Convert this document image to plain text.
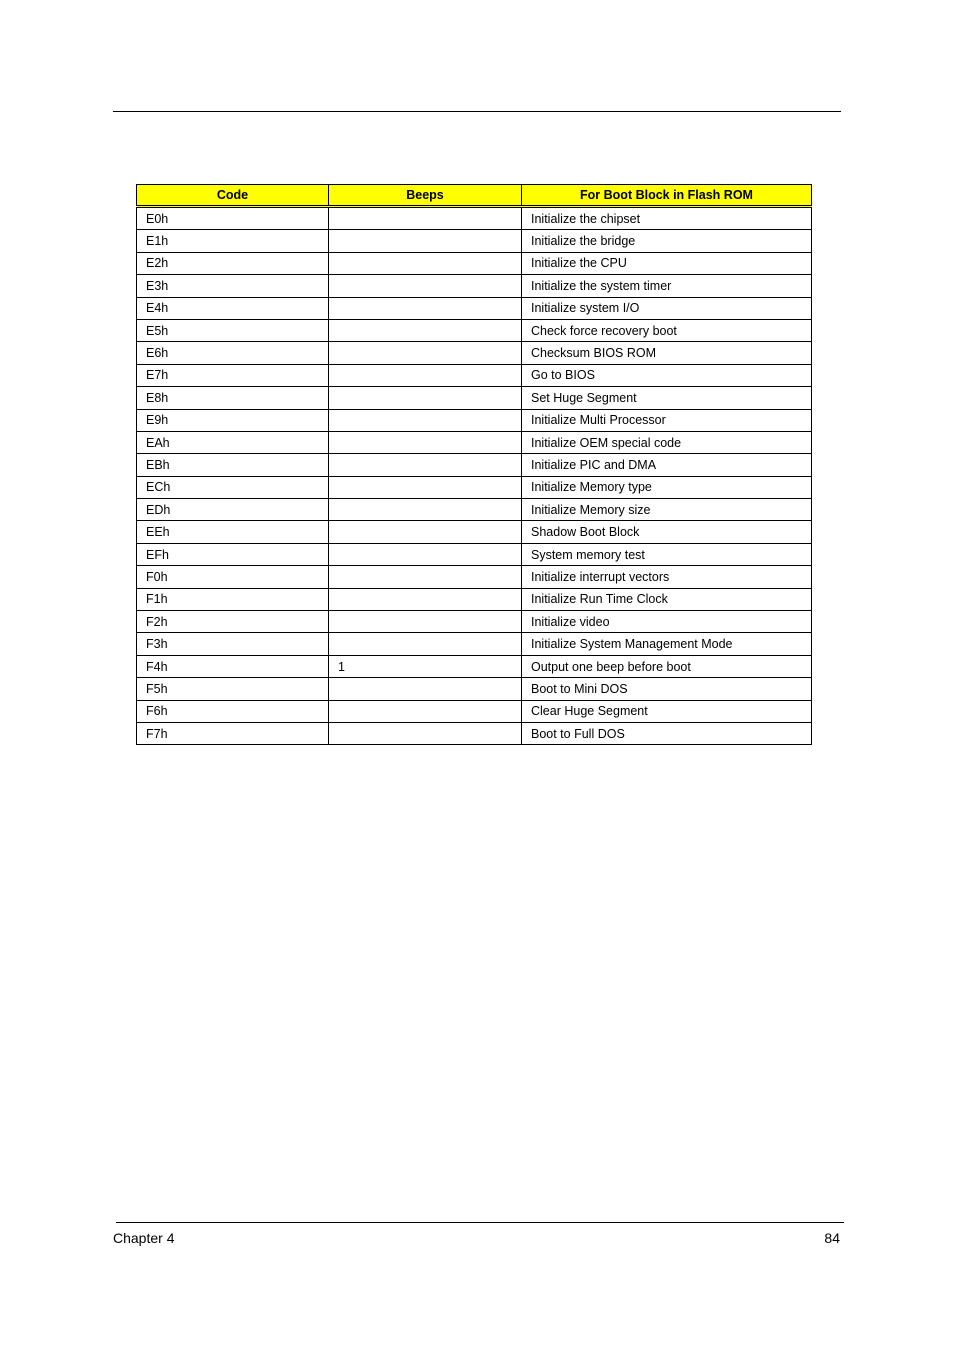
Code	Beeps	For Boot Block in Flash ROM
E0h		Initialize the chipset
E1h		Initialize the bridge
E2h		Initialize the CPU
E3h		Initialize the system timer
E4h		Initialize system I/O
E5h		Check force recovery boot
E6h		Checksum BIOS ROM
E7h		Go to BIOS
E8h		Set Huge Segment
E9h		Initialize Multi Processor
EAh		Initialize OEM special code
EBh		Initialize PIC and DMA
ECh		Initialize Memory type
EDh		Initialize Memory size
EEh		Shadow Boot Block
EFh		System memory test
F0h		Initialize interrupt vectors
F1h		Initialize Run Time Clock
F2h		Initialize video
F3h		Initialize System Management Mode
F4h	1	Output one beep before boot
F5h		Boot to Mini DOS
F6h		Clear Huge Segment
F7h		Boot to Full DOS
Chapter 4	84
